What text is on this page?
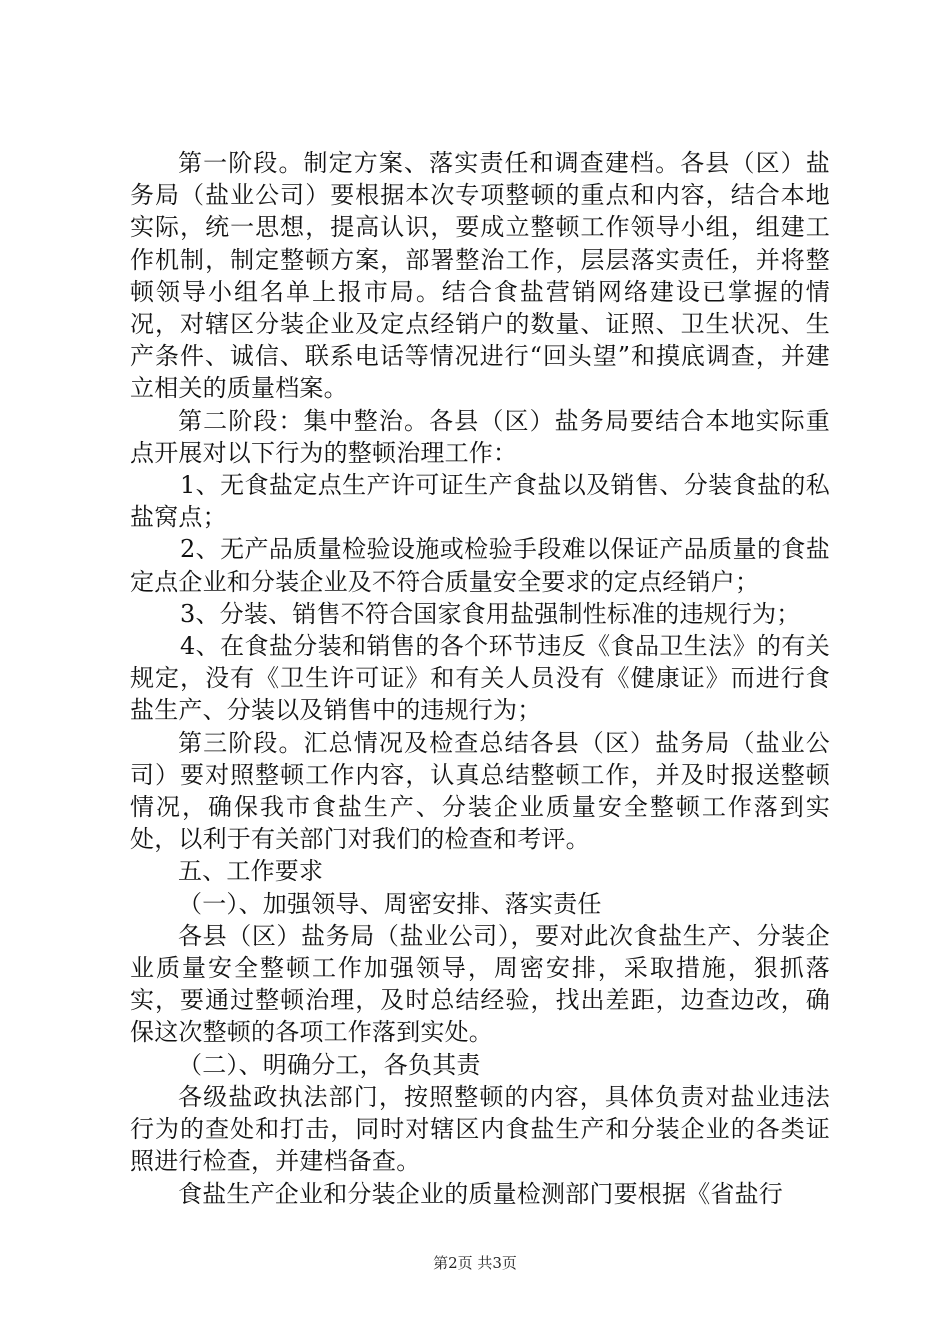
第一阶段。制定方案、落实责任和调查建档。各县（区）盐务局（盐业公司）要根据本次专项整顿的重点和内容，结合本地实际，统一思想，提高认识，要成立整顿工作领导小组，组建工作机制，制定整顿方案，部署整治工作，层层落实责任，并将整顿领导小组名单上报市局。结合食盐营销网络建设已掌握的情况，对辖区分装企业及定点经销户的数量、证照、卫生状况、生产条件、诚信、联系电话等情况进行“回头望”和摸底调查，并建立相关的质量档案。

第二阶段：集中整治。各县（区）盐务局要结合本地实际重点开展对以下行为的整顿治理工作：

1、无食盐定点生产许可证生产食盐以及销售、分装食盐的私盐窝点；

2、无产品质量检验设施或检验手段难以保证产品质量的食盐定点企业和分装企业及不符合质量安全要求的定点经销户；

3、分装、销售不符合国家食用盐强制性标准的违规行为；

4、在食盐分装和销售的各个环节违反《食品卫生法》的有关规定，没有《卫生许可证》和有关人员没有《健康证》而进行食盐生产、分装以及销售中的违规行为；

第三阶段。汇总情况及检查总结各县（区）盐务局（盐业公司）要对照整顿工作内容，认真总结整顿工作，并及时报送整顿情况，确保我市食盐生产、分装企业质量安全整顿工作落到实处，以利于有关部门对我们的检查和考评。

五、工作要求

（一）、加强领导、周密安排、落实责任

各县（区）盐务局（盐业公司），要对此次食盐生产、分装企业质量安全整顿工作加强领导，周密安排，采取措施，狠抓落实，要通过整顿治理，及时总结经验，找出差距，边查边改，确保这次整顿的各项工作落到实处。

（二）、明确分工，各负其责

各级盐政执法部门，按照整顿的内容，具体负责对盐业违法行为的查处和打击，同时对辖区内食盐生产和分装企业的各类证照进行检查，并建档备查。

食盐生产企业和分装企业的质量检测部门要根据《省盐行

第2页 共3页
